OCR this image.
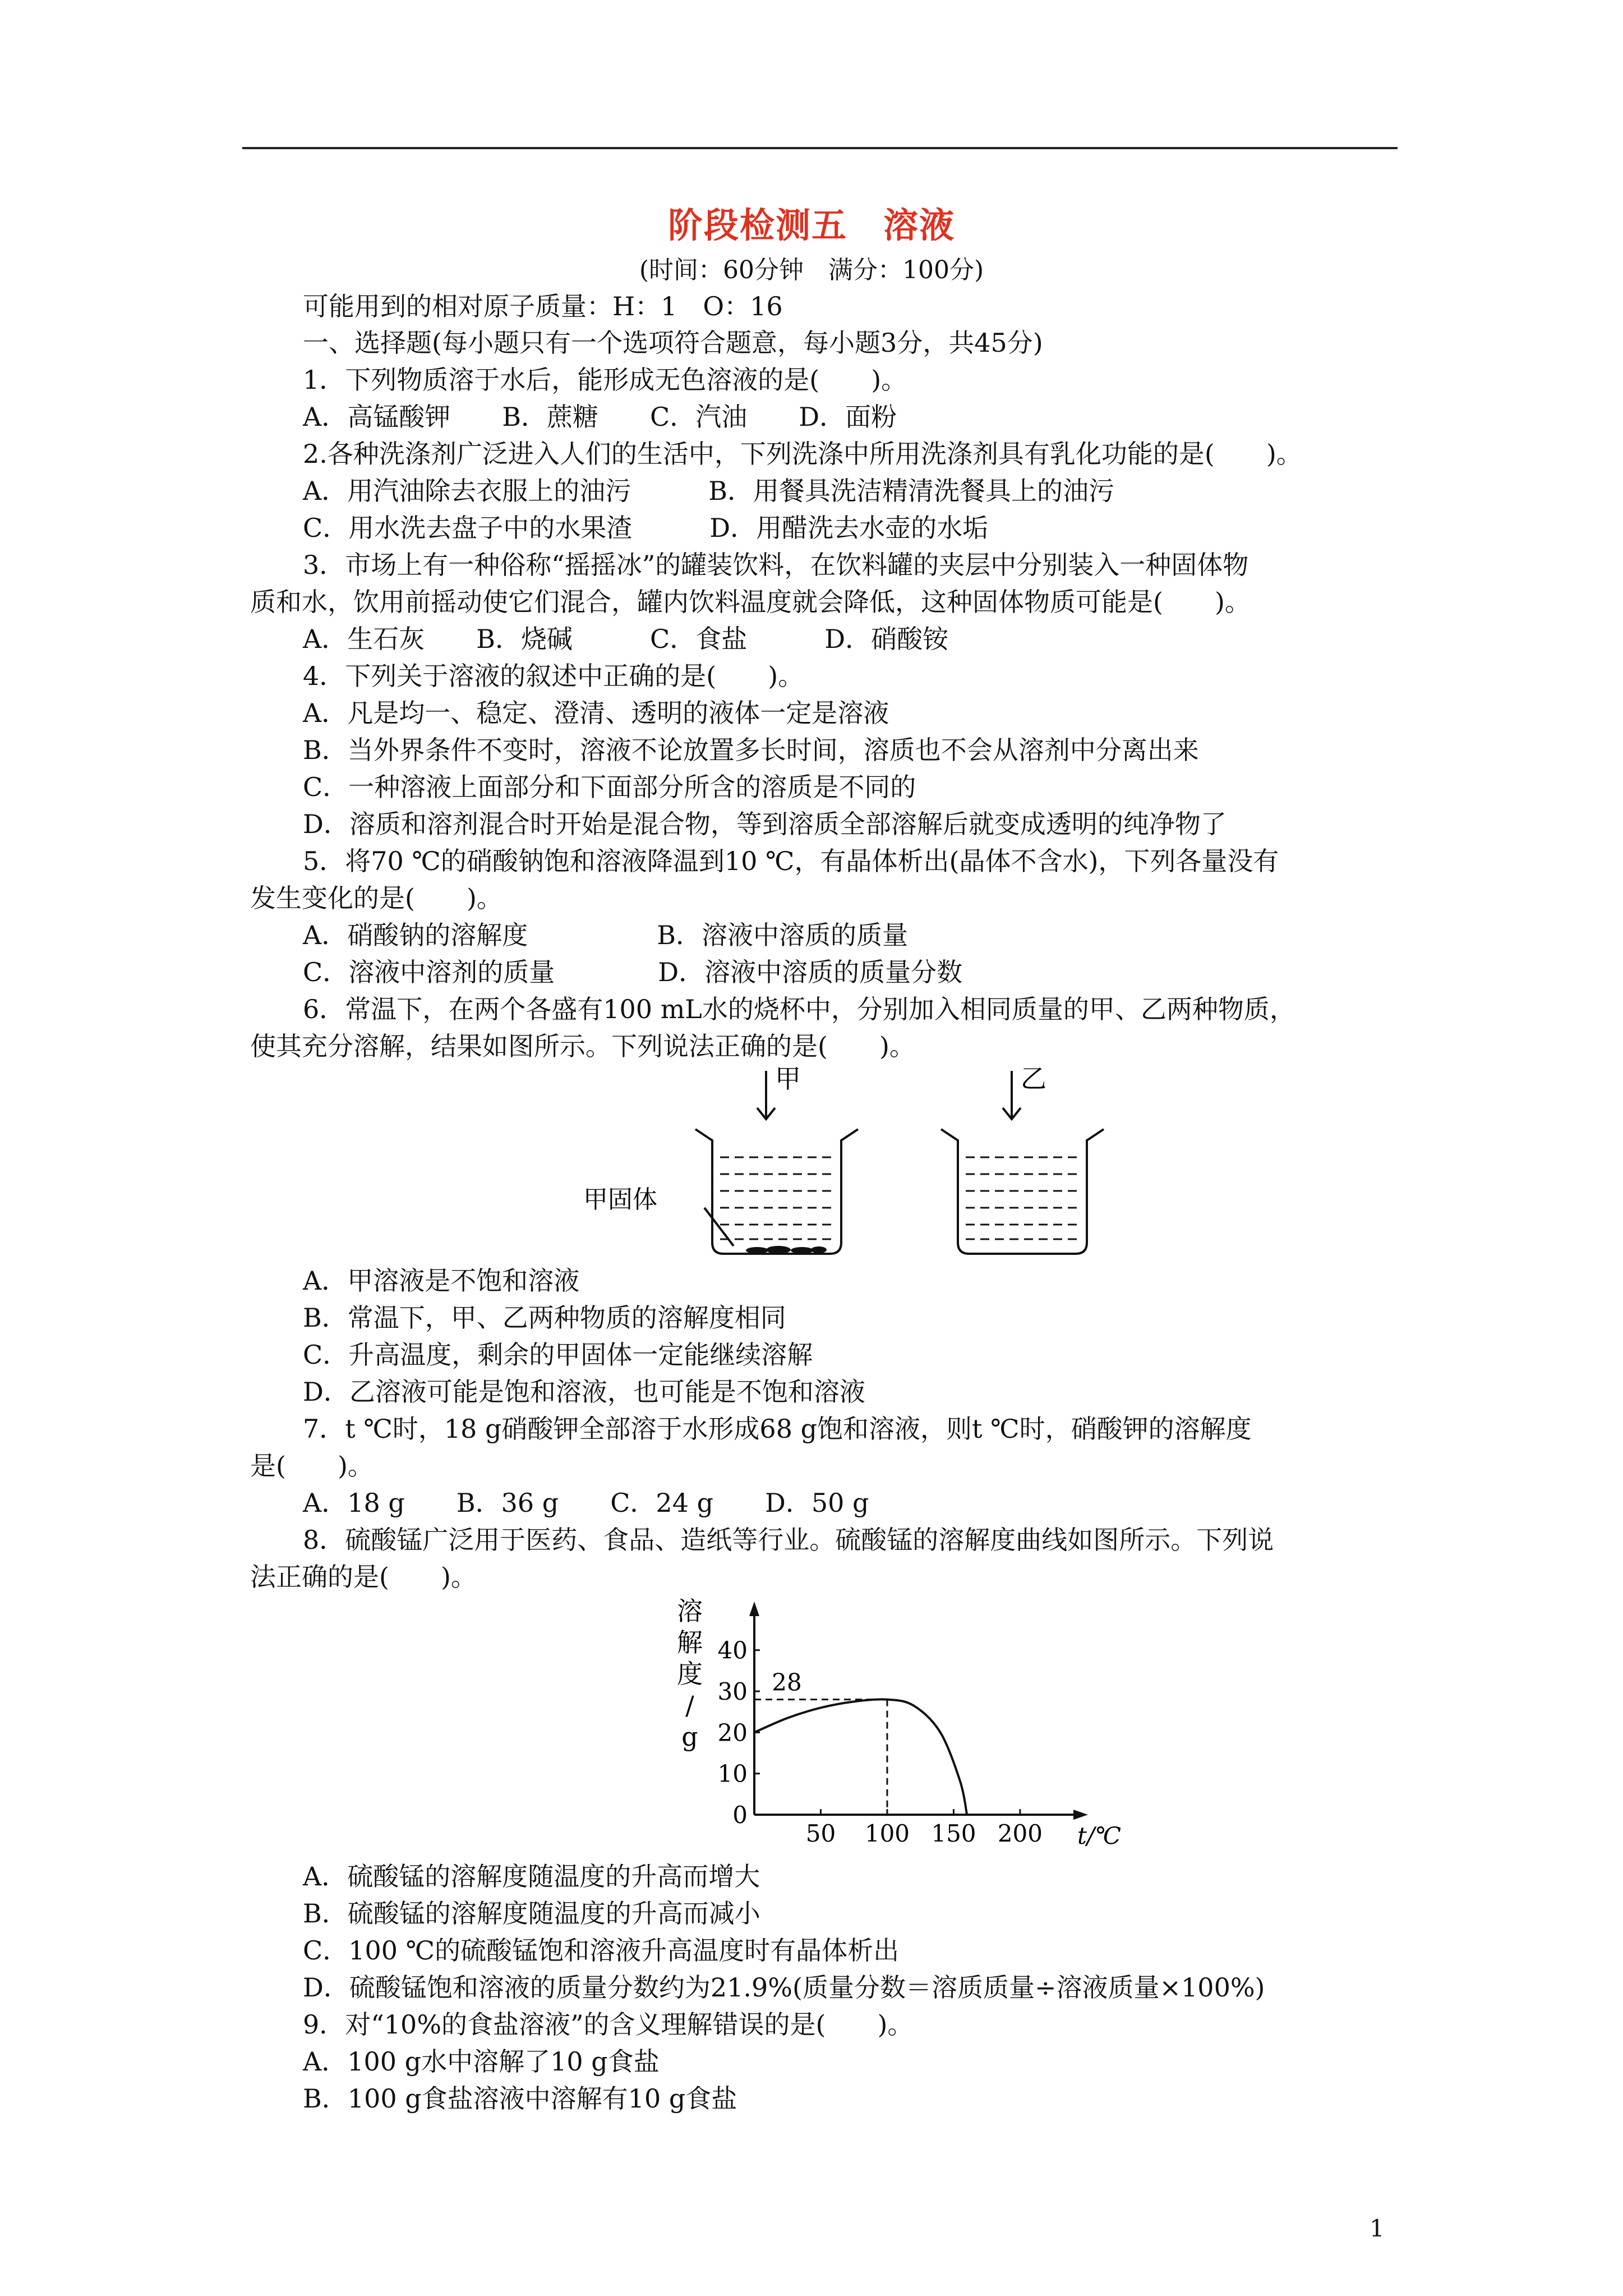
阶段检测五　溶液
(时间：60分钟　满分：100分)
可能用到的相对原子质量：H：1　O：16
一、选择题(每小题只有一个选项符合题意，每小题3分，共45分)
1．下列物质溶于水后，能形成无色溶液的是(　　)。
A．高锰酸钾　　B．蔗糖　　C．汽油　　D．面粉
2.各种洗涤剂广泛进入人们的生活中，下列洗涤中所用洗涤剂具有乳化功能的是(　　)。
A．用汽油除去衣服上的油污　　　B．用餐具洗洁精清洗餐具上的油污
C．用水洗去盘子中的水果渣　　　D．用醋洗去水壶的水垢
3．市场上有一种俗称“摇摇冰”的罐装饮料，在饮料罐的夹层中分别装入一种固体物
质和水，饮用前摇动使它们混合，罐内饮料温度就会降低，这种固体物质可能是(　　)。
A．生石灰　　B．烧碱　　　C．食盐　　　D．硝酸铵
4．下列关于溶液的叙述中正确的是(　　)。
A．凡是均一、稳定、澄清、透明的液体一定是溶液
B．当外界条件不变时，溶液不论放置多长时间，溶质也不会从溶剂中分离出来
C．一种溶液上面部分和下面部分所含的溶质是不同的
D．溶质和溶剂混合时开始是混合物，等到溶质全部溶解后就变成透明的纯净物了
5．将70 ℃的硝酸钠饱和溶液降温到10 ℃，有晶体析出(晶体不含水)，下列各量没有
发生变化的是(　　)。
A．硝酸钠的溶解度　　　　　B．溶液中溶质的质量
C．溶液中溶剂的质量　　　　D．溶液中溶质的质量分数
6．常温下，在两个各盛有100 mL水的烧杯中，分别加入相同质量的甲、乙两种物质，
使其充分溶解，结果如图所示。下列说法正确的是(　　)。
甲	乙
甲固体
A．甲溶液是不饱和溶液
B．常温下，甲、乙两种物质的溶解度相同
C．升高温度，剩余的甲固体一定能继续溶解
D．乙溶液可能是饱和溶液，也可能是不饱和溶液
7．t ℃时，18 g硝酸钾全部溶于水形成68 g饱和溶液，则t ℃时，硝酸钾的溶解度
是(　　)。
A．18 g　　B．36 g　　C．24 g　　D．50 g
8．硫酸锰广泛用于医药、食品、造纸等行业。硫酸锰的溶解度曲线如图所示。下列说
法正确的是(　　)。
0
10
20
30
40
50 100 150 200 t/℃
溶
解
度
/
g
28
A．硫酸锰的溶解度随温度的升高而增大
B．硫酸锰的溶解度随温度的升高而减小
C．100 ℃的硫酸锰饱和溶液升高温度时有晶体析出
D．硫酸锰饱和溶液的质量分数约为21.9%(质量分数＝溶质质量÷溶液质量×100%)
9．对“10%的食盐溶液”的含义理解错误的是(　　)。
A．100 g水中溶解了10 g食盐
B．100 g食盐溶液中溶解有10 g食盐
1
